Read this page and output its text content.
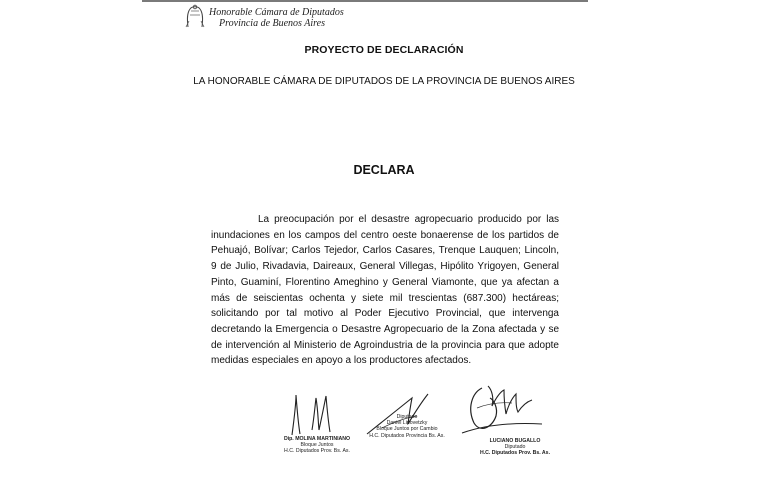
Honorable Cámara de Diputados
Provincia de Buenos Aires
PROYECTO DE DECLARACIÓN
LA HONORABLE CÁMARA DE DIPUTADOS DE LA PROVINCIA DE BUENOS AIRES
DECLARA
La preocupación por el desastre agropecuario producido por las inundaciones en los campos del centro oeste bonaerense de los partidos de Pehuajó, Bolívar; Carlos Tejedor, Carlos Casares, Trenque Lauquen; Lincoln, 9 de Julio, Rivadavia, Daireaux, General Villegas, Hipólito Yrigoyen, General Pinto, Guaminí, Florentino Ameghino y General Viamonte, que ya afectan a más de seiscientas ochenta y siete mil trescientas (687.300) hectáreas; solicitando por tal motivo al Poder Ejecutivo Provincial, que intervenga decretando la Emergencia o Desastre Agropecuario de la Zona afectada y se de intervención al Ministerio de Agroindustria de la provincia para que adopte medidas especiales en apoyo a los productores afectados.
Dip. MOLINA MARTINIANO
Bloque Juntos
H.C. Diputados Prov. Bs. As.
Diputado
Daniel Lipovetzky
Bloque Juntos por Cambio
H.C. Diputados Provincia Bs. As.
LUCIANO BUGALLO
Diputado
H.C. Diputados Prov. Bs. As.
